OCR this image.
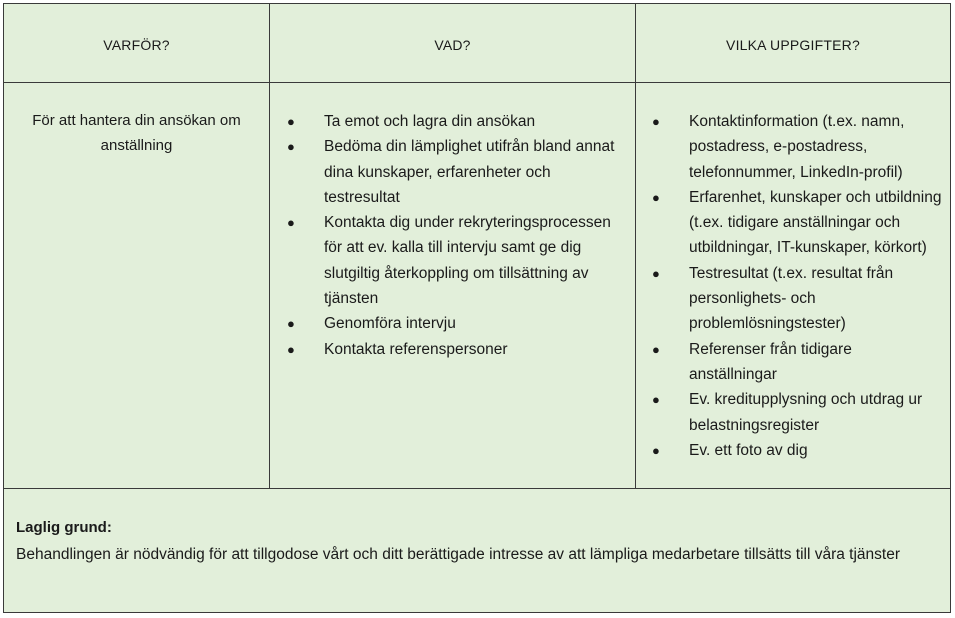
VARFÖR?	VAD?	VILKA UPPGIFTER?
För att hantera din ansökan om anställning
● Ta emot och lagra din ansökan
● Bedöma din lämplighet utifrån bland annat dina kunskaper, erfarenheter och testresultat
● Kontakta dig under rekryteringsprocessen för att ev. kalla till intervju samt ge dig slutgiltig återkoppling om tillsättning av tjänsten
● Genomföra intervju
● Kontakta referenspersoner
● Kontaktinformation (t.ex. namn, postadress, e-postadress, telefonnummer, LinkedIn-profil)
● Erfarenhet, kunskaper och utbildning (t.ex. tidigare anställningar och utbildningar, IT-kunskaper, körkort)
● Testresultat (t.ex. resultat från personlighets- och problemlösningstester)
● Referenser från tidigare anställningar
● Ev. kreditupplysning och utdrag ur belastningsregister
● Ev. ett foto av dig
Laglig grund:
Behandlingen är nödvändig för att tillgodose vårt och ditt berättigade intresse av att lämpliga medarbetare tillsätts till våra tjänster
